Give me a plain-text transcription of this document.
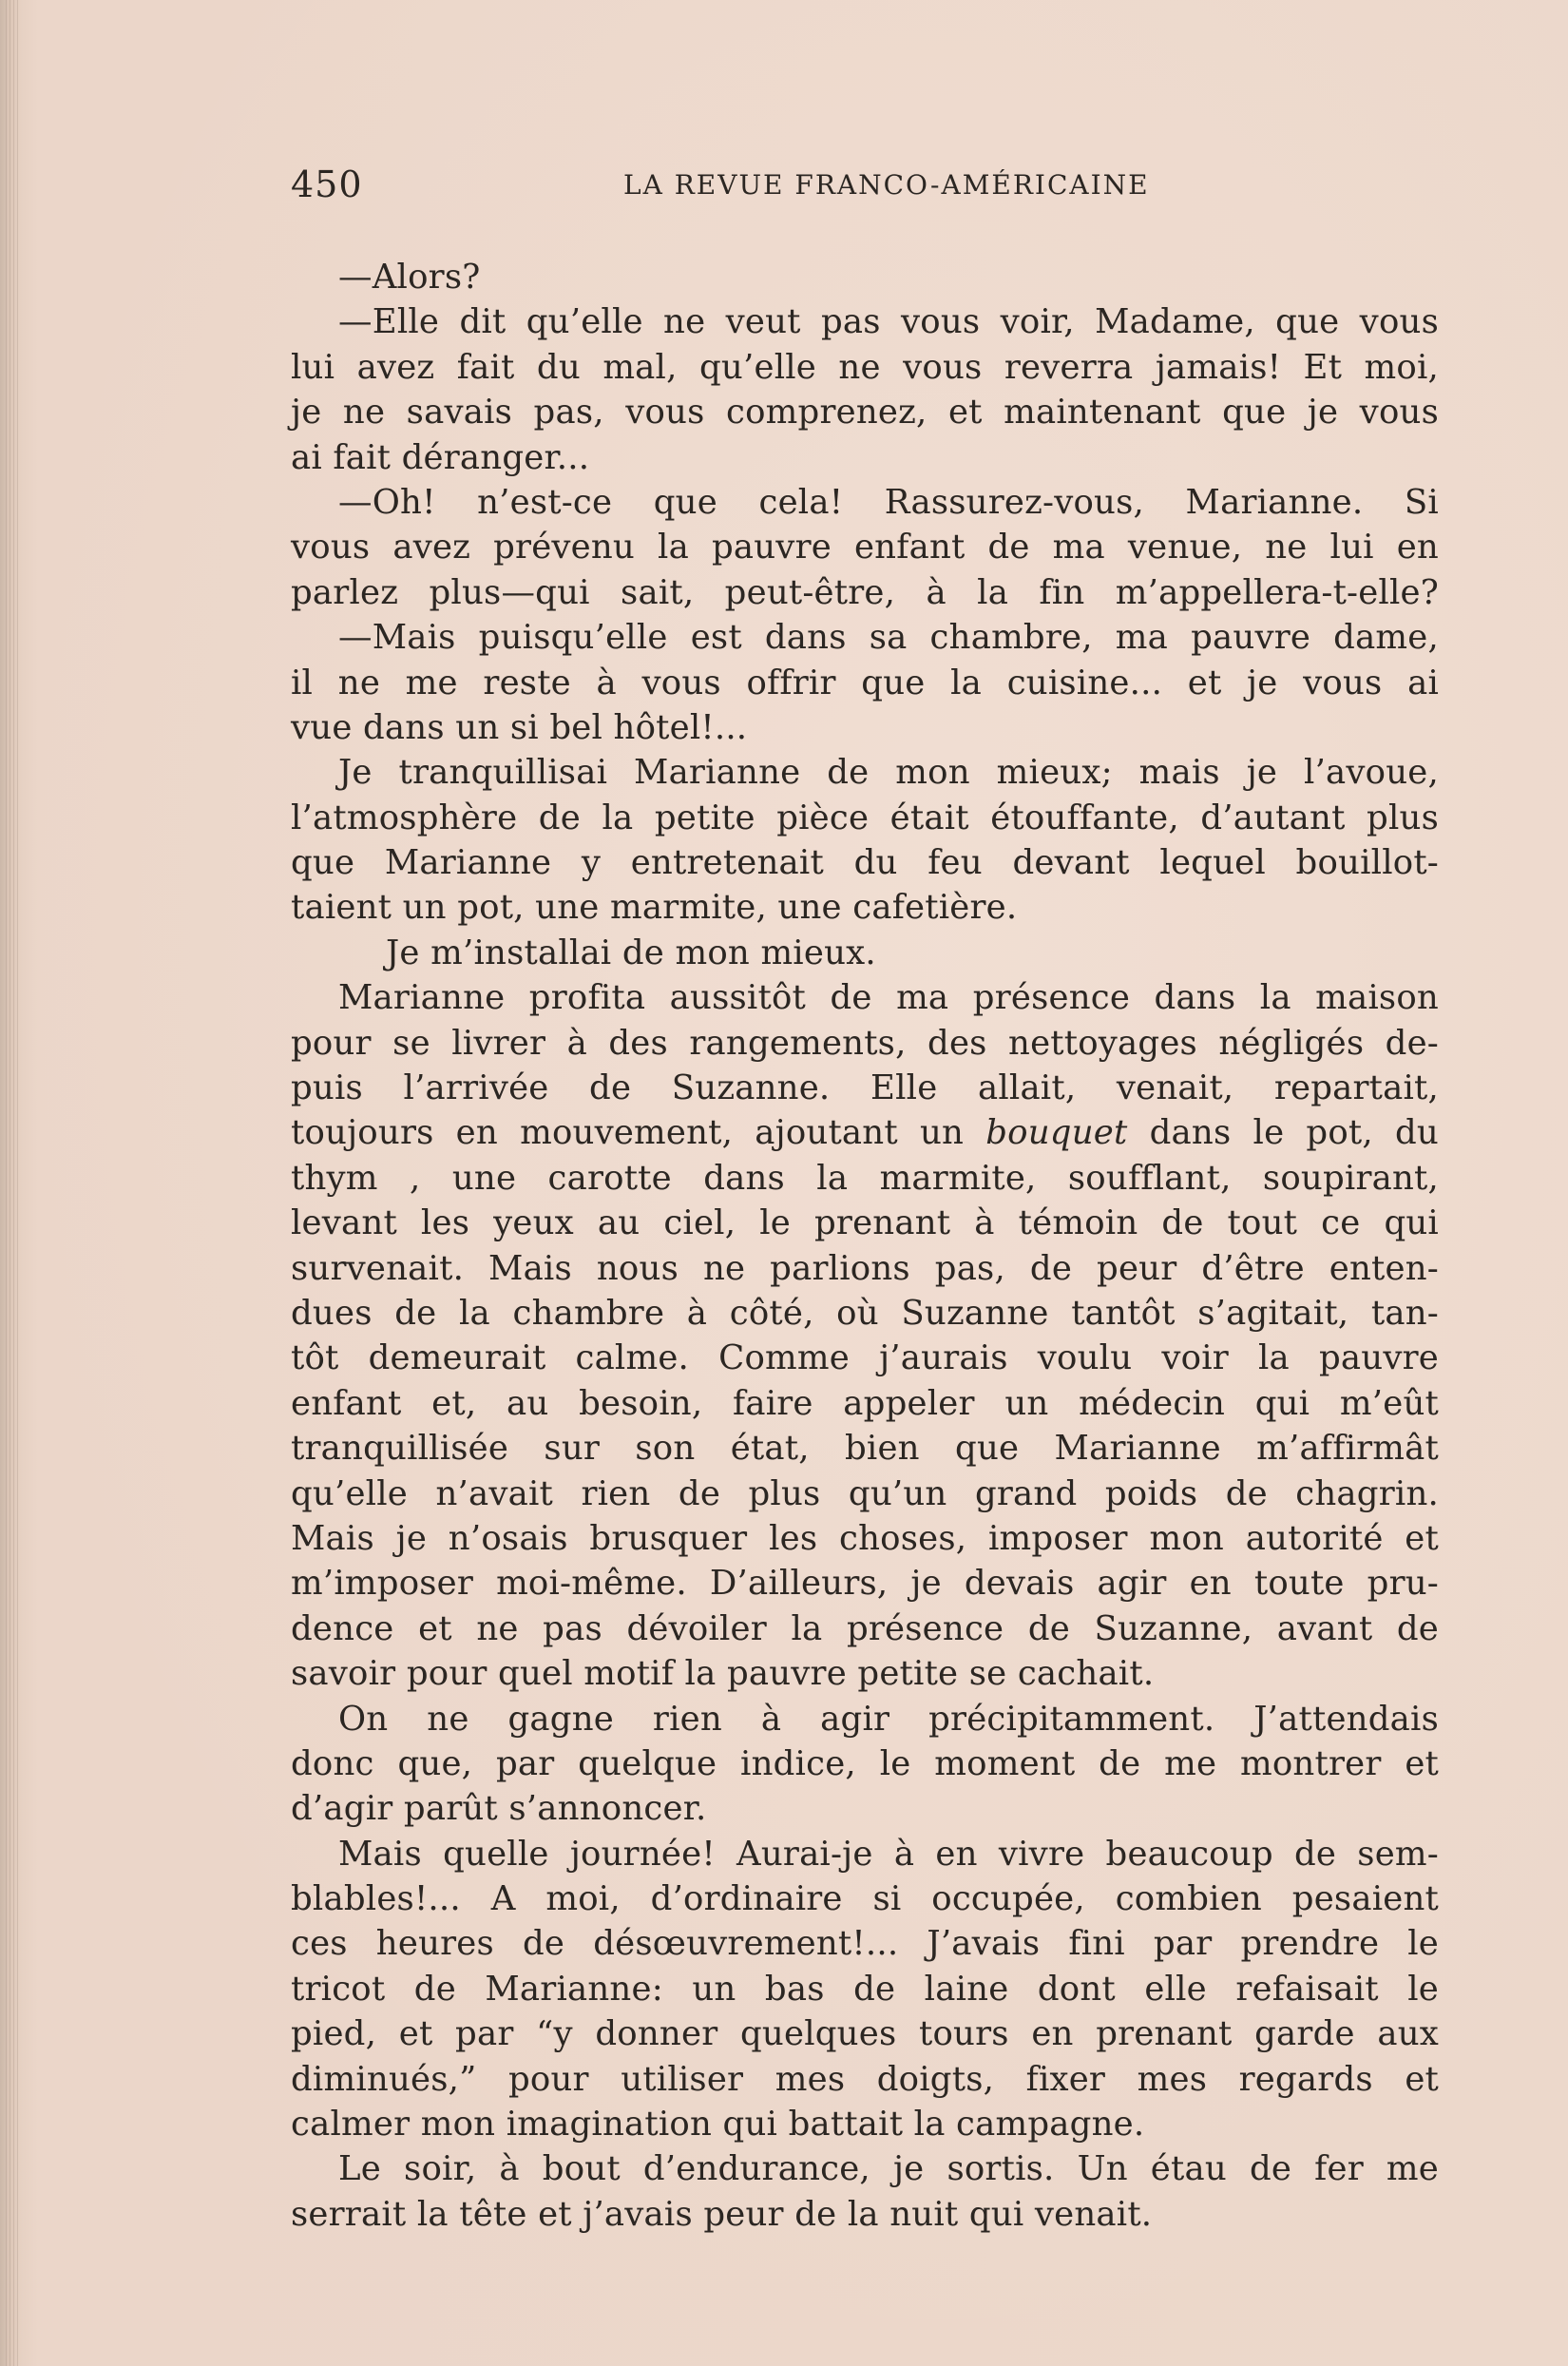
450	LA REVUE FRANCO-AMÉRICAINE
—Alors?
—Elle dit qu’elle ne veut pas vous voir, Madame, que vous
lui avez fait du mal, qu’elle ne vous reverra jamais! Et moi,
je ne savais pas, vous comprenez, et maintenant que je vous
ai fait déranger...
—Oh! n’est-ce que cela! Rassurez-vous, Marianne. Si
vous avez prévenu la pauvre enfant de ma venue, ne lui en
parlez plus—qui sait, peut-être, à la fin m’appellera-t-elle?
—Mais puisqu’elle est dans sa chambre, ma pauvre dame,
il ne me reste à vous offrir que la cuisine... et je vous ai
vue dans un si bel hôtel!...
Je tranquillisai Marianne de mon mieux; mais je l’avoue,
l’atmosphère de la petite pièce était étouffante, d’autant plus
que Marianne y entretenait du feu devant lequel bouillot-
taient un pot, une marmite, une cafetière.
Je m’installai de mon mieux.
Marianne profita aussitôt de ma présence dans la maison
pour se livrer à des rangements, des nettoyages négligés de-
puis l’arrivée de Suzanne. Elle allait, venait, repartait,
toujours en mouvement, ajoutant un bouquet dans le pot, du
thym , une carotte dans la marmite, soufflant, soupirant,
levant les yeux au ciel, le prenant à témoin de tout ce qui
survenait. Mais nous ne parlions pas, de peur d’être enten-
dues de la chambre à côté, où Suzanne tantôt s’agitait, tan-
tôt demeurait calme. Comme j’aurais voulu voir la pauvre
enfant et, au besoin, faire appeler un médecin qui m’eût
tranquillisée sur son état, bien que Marianne m’affirmât
qu’elle n’avait rien de plus qu’un grand poids de chagrin.
Mais je n’osais brusquer les choses, imposer mon autorité et
m’imposer moi-même. D’ailleurs, je devais agir en toute pru-
dence et ne pas dévoiler la présence de Suzanne, avant de
savoir pour quel motif la pauvre petite se cachait.
On ne gagne rien à agir précipitamment. J’attendais
donc que, par quelque indice, le moment de me montrer et
d’agir parût s’annoncer.
Mais quelle journée! Aurai-je à en vivre beaucoup de sem-
blables!... A moi, d’ordinaire si occupée, combien pesaient
ces heures de désœuvrement!... J’avais fini par prendre le
tricot de Marianne: un bas de laine dont elle refaisait le
pied, et par “y donner quelques tours en prenant garde aux
diminués,” pour utiliser mes doigts, fixer mes regards et
calmer mon imagination qui battait la campagne.
Le soir, à bout d’endurance, je sortis. Un étau de fer me
serrait la tête et j’avais peur de la nuit qui venait.
